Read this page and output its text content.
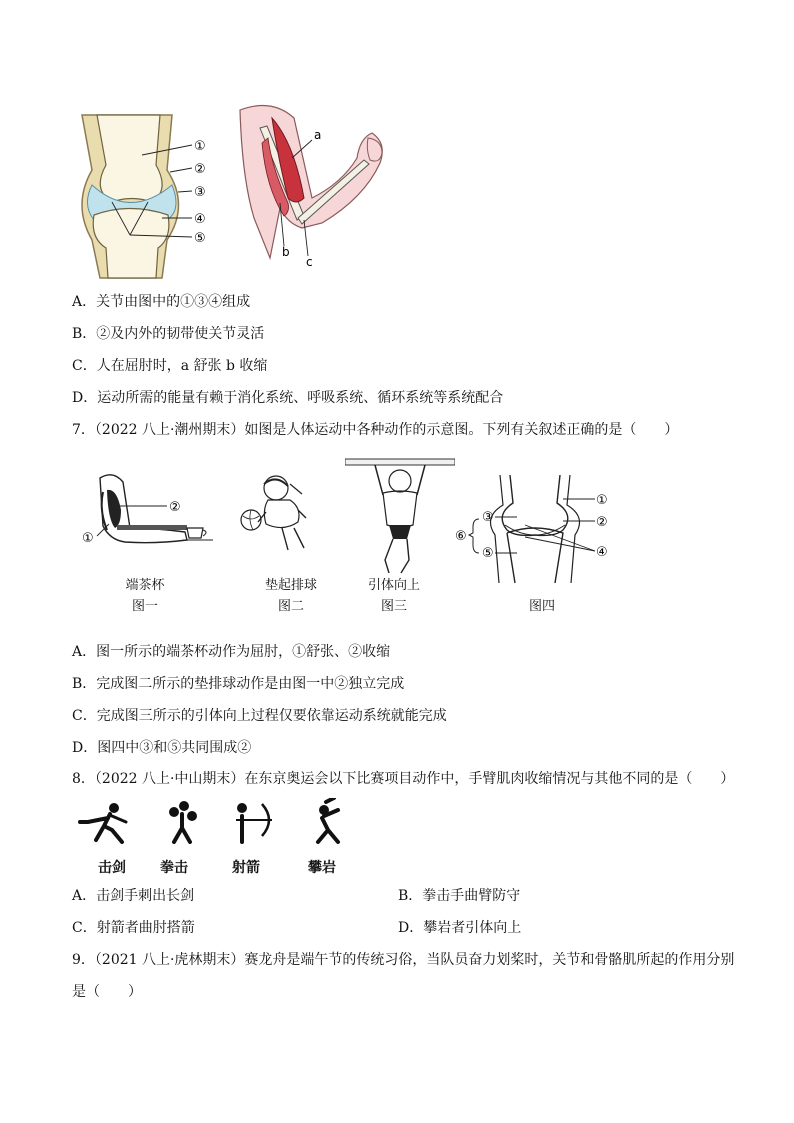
①
②
③
④
⑤
a
b
c
A．关节由图中的①③④组成
B．②及内外的韧带使关节灵活
C．人在屈肘时，a 舒张 b 收缩
D．运动所需的能量有赖于消化系统、呼吸系统、循环系统等系统配合
7．（2022 八上·潮州期末）如图是人体运动中各种动作的示意图。下列有关叙述正确的是（　　）
②
①
①
②
③
④
⑤
⑥
端茶杯
图一
垫起排球
图二
引体向上
图三	图四
A．图一所示的端茶杯动作为屈肘，①舒张、②收缩
B．完成图二所示的垫排球动作是由图一中②独立完成
C．完成图三所示的引体向上过程仅要依靠运动系统就能完成
D．图四中③和⑤共同围成②
8．（2022 八上·中山期末）在东京奥运会以下比赛项目动作中，手臂肌肉收缩情况与其他不同的是（　　）
击剑 拳击	射箭	攀岩
A．击剑手刺出长剑	B．拳击手曲臂防守
C．射箭者曲肘搭箭	D．攀岩者引体向上
9．（2021 八上·虎林期末）赛龙舟是端午节的传统习俗，当队员奋力划桨时，关节和骨骼肌所起的作用分别
是（　　）
